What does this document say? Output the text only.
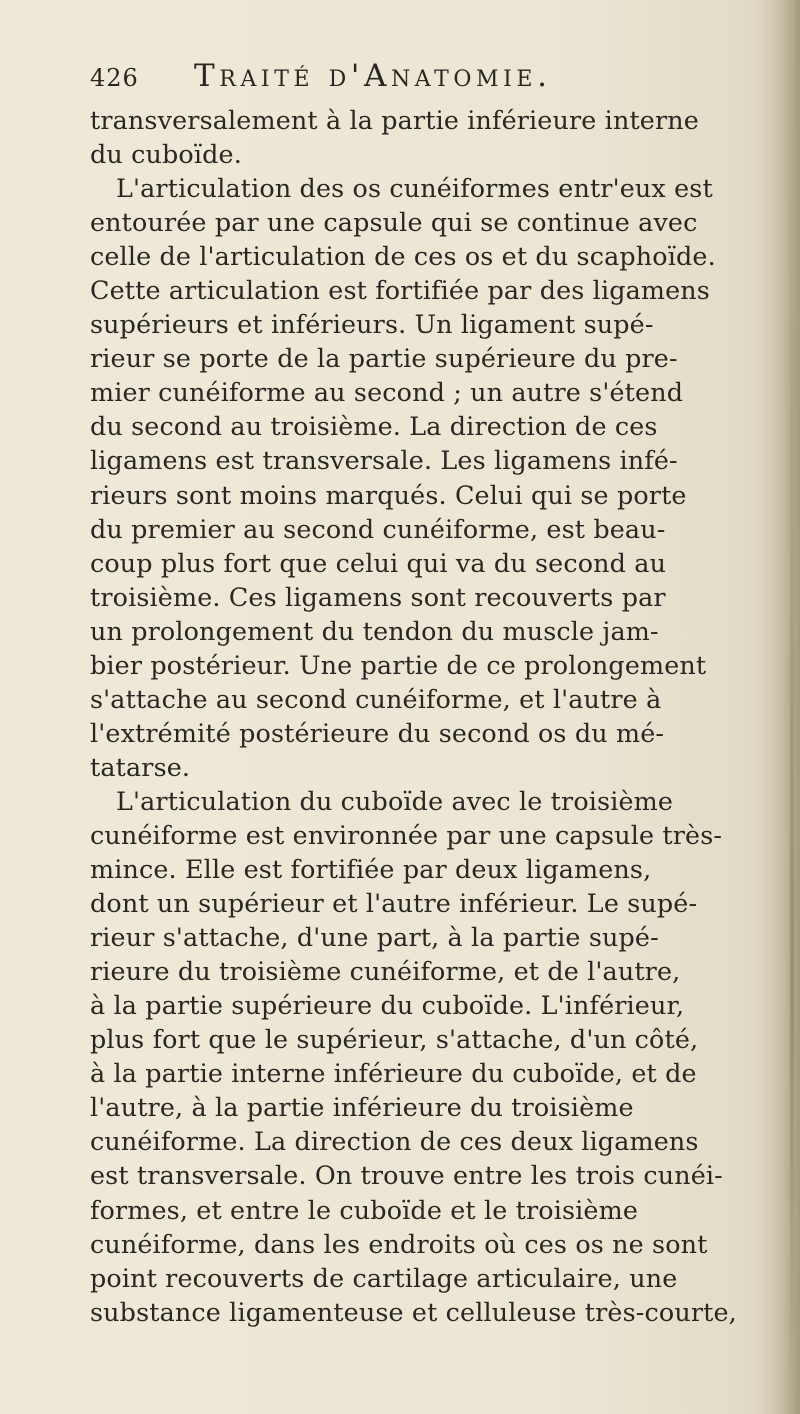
426 Traité d'Anatomie.
transversalement à la partie inférieure interne
du cuboïde.
L'articulation des os cunéiformes entr'eux est
entourée par une capsule qui se continue avec
celle de l'articulation de ces os et du scaphoïde.
Cette articulation est fortifiée par des ligamens
supérieurs et inférieurs. Un ligament supé-
rieur se porte de la partie supérieure du pre-
mier cunéiforme au second ; un autre s'étend
du second au troisième. La direction de ces
ligamens est transversale. Les ligamens infé-
rieurs sont moins marqués. Celui qui se porte
du premier au second cunéiforme, est beau-
coup plus fort que celui qui va du second au
troisième. Ces ligamens sont recouverts par
un prolongement du tendon du muscle jam-
bier postérieur. Une partie de ce prolongement
s'attache au second cunéiforme, et l'autre à
l'extrémité postérieure du second os du mé-
tatarse.
L'articulation du cuboïde avec le troisième
cunéiforme est environnée par une capsule très-
mince. Elle est fortifiée par deux ligamens,
dont un supérieur et l'autre inférieur. Le supé-
rieur s'attache, d'une part, à la partie supé-
rieure du troisième cunéiforme, et de l'autre,
à la partie supérieure du cuboïde. L'inférieur,
plus fort que le supérieur, s'attache, d'un côté,
à la partie interne inférieure du cuboïde, et de
l'autre, à la partie inférieure du troisième
cunéiforme. La direction de ces deux ligamens
est transversale. On trouve entre les trois cunéi-
formes, et entre le cuboïde et le troisième
cunéiforme, dans les endroits où ces os ne sont
point recouverts de cartilage articulaire, une
substance ligamenteuse et celluleuse très-courte,
